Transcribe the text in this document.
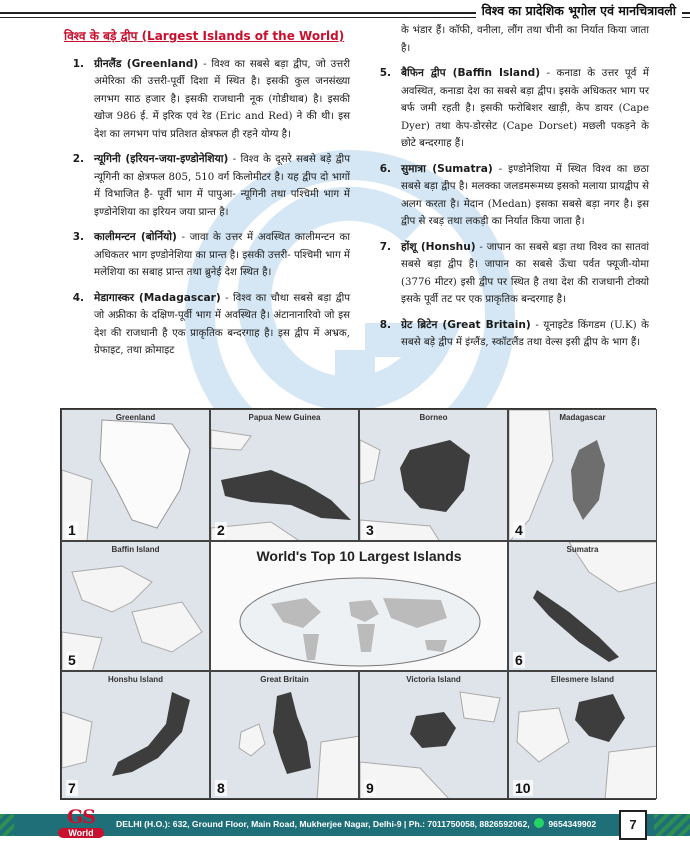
विश्व का प्रादेशिक भूगोल एवं मानचित्रावली
विश्व के बड़े द्वीप (Largest Islands of the World)
1. ग्रीनलैंड (Greenland) - विश्व का सबसे बड़ा द्वीप, जो उत्तरी अमेरिका की उत्तरी-पूर्वी दिशा में स्थित है। इसकी कुल जनसंख्या लगभग साठ हजार है। इसकी राजधानी नूक (गोडीथाब) है। इसकी खोज 986 ई. में इरिक एवं रेड (Eric and Red) ने की थी। इस देश का लगभग पांच प्रतिशत क्षेत्रफल ही रहने योग्य है।
2. न्यूगिनी (इरियन-जया-इण्डोनेशिया) - विश्व के दूसरे सबसे बड़े द्वीप न्यूगिनी का क्षेत्रफल 805, 510 वर्ग किलोमीटर है। यह द्वीप दो भागों में विभाजित है- पूर्वी भाग में पापुआ- न्यूगिनी तथा पश्चिमी भाग में इण्डोनेशिया का इरियन जया प्रान्त है।
3. कालीमन्टन (बोर्नियो) - जावा के उत्तर में अवस्थित कालीमन्टन का अधिकतर भाग इण्डोनेशिया का प्रान्त है। इसकी उत्तरी- पश्चिमी भाग में मलेशिया का सबाह प्रान्त तथा ब्रुनेई देश स्थित है।
4. मेडागास्कर (Madagascar) - विश्व का चौथा सबसे बड़ा द्वीप जो अफ्रीका के दक्षिण-पूर्वी भाग में अवस्थित है। अंटानानारिवो जो इस देश की राजधानी है एक प्राकृतिक बन्दरगाह है। इस द्वीप में अभ्रक, ग्रेफाइट, तथा क्रोमाइट
के भंडार हैं। कॉफी, वनीला, लौंग तथा चीनी का निर्यात किया जाता है।
5. बैफिन द्वीप (Baffin Island) - कनाडा के उत्तर पूर्व में अवस्थित, कनाडा देश का सबसे बड़ा द्वीप। इसके अधिकतर भाग पर बर्फ जमी रहती है। इसकी फरोबिशर खाड़ी, केप डायर (Cape Dyer) तथा केप-डोरसेट (Cape Dorset) मछली पकड़ने के छोटे बन्दरगाह हैं।
6. सुमात्रा (Sumatra) - इण्डोनेशिया में स्थित विश्व का छठा सबसे बड़ा द्वीप है। मलक्का जलडमरूमध्य इसको मलाया प्रायद्वीप से अलग करता है। मेदान (Medan) इसका सबसे बड़ा नगर है। इस द्वीप से रबड़ तथा लकड़ी का निर्यात किया जाता है।
7. होंशू (Honshu) - जापान का सबसे बड़ा तथा विश्व का सातवां सबसे बड़ा द्वीप है। जापान का सबसे ऊँचा पर्वत फ्यूजी-योमा (3776 मीटर) इसी द्वीप पर स्थित है तथा देश की राजधानी टोक्यो इसके पूर्वी तट पर एक प्राकृतिक बन्दरगाह है।
8. ग्रेट ब्रिटेन (Great Britain) - यूनाइटेड किंगडम (U.K) के सबसे बड़े द्वीप में इंग्लैंड, स्कॉटलैंड तथा वेल्स इसी द्वीप के भाग हैं।
Greenland
1
Papua New Guinea
2
Borneo
3
Madagascar
4
Baffin Island
5
World's Top 10 Largest Islands	Sumatra
6
Honshu Island
7
Great Britain
8
Victoria Island
9
Ellesmere Island
10
DELHI (H.O.): 632, Ground Floor, Main Road, Mukherjee Nagar, Delhi-9 | Ph.: 7011750058, 8826592062, 9654349902
GS
World
7
